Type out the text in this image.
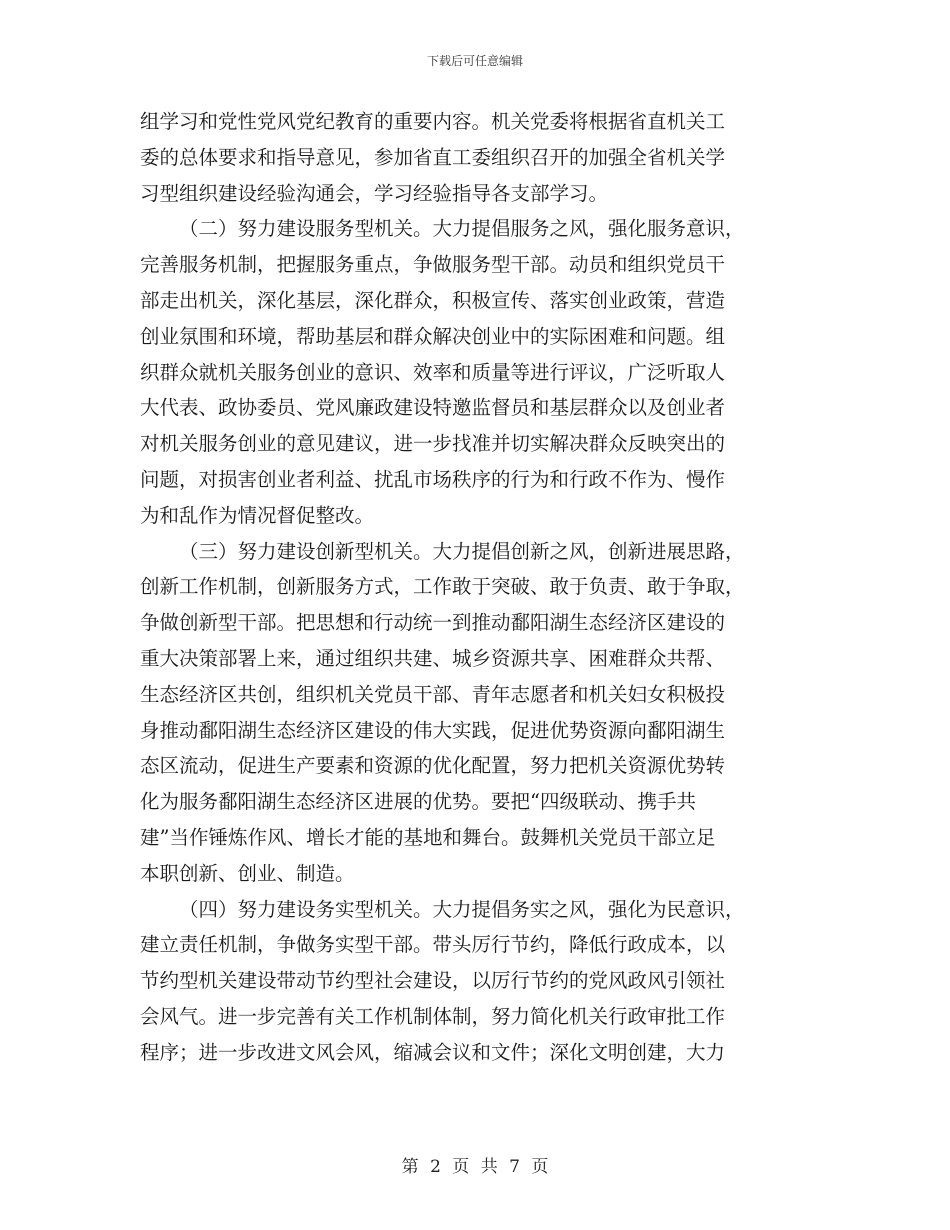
下载后可任意编辑
组学习和党性党风党纪教育的重要内容。机关党委将根据省直机关工
委的总体要求和指导意见，参加省直工委组织召开的加强全省机关学
习型组织建设经验沟通会，学习经验指导各支部学习。
（二）努力建设服务型机关。大力提倡服务之风，强化服务意识，
完善服务机制，把握服务重点，争做服务型干部。动员和组织党员干
部走出机关，深化基层，深化群众，积极宣传、落实创业政策，营造
创业氛围和环境，帮助基层和群众解决创业中的实际困难和问题。组
织群众就机关服务创业的意识、效率和质量等进行评议，广泛听取人
大代表、政协委员、党风廉政建设特邀监督员和基层群众以及创业者
对机关服务创业的意见建议，进一步找准并切实解决群众反映突出的
问题，对损害创业者利益、扰乱市场秩序的行为和行政不作为、慢作
为和乱作为情况督促整改。
（三）努力建设创新型机关。大力提倡创新之风，创新进展思路，
创新工作机制，创新服务方式，工作敢于突破、敢于负责、敢于争取，
争做创新型干部。把思想和行动统一到推动鄱阳湖生态经济区建设的
重大决策部署上来，通过组织共建、城乡资源共享、困难群众共帮、
生态经济区共创，组织机关党员干部、青年志愿者和机关妇女积极投
身推动鄱阳湖生态经济区建设的伟大实践，促进优势资源向鄱阳湖生
态区流动，促进生产要素和资源的优化配置，努力把机关资源优势转
化为服务鄱阳湖生态经济区进展的优势。要把“四级联动、携手共
建”当作锤炼作风、增长才能的基地和舞台。鼓舞机关党员干部立足
本职创新、创业、制造。
（四）努力建设务实型机关。大力提倡务实之风，强化为民意识，
建立责任机制，争做务实型干部。带头厉行节约，降低行政成本，以
节约型机关建设带动节约型社会建设，以厉行节约的党风政风引领社
会风气。进一步完善有关工作机制体制，努力简化机关行政审批工作
程序；进一步改进文风会风，缩减会议和文件；深化文明创建，大力
第 2 页 共 7 页
